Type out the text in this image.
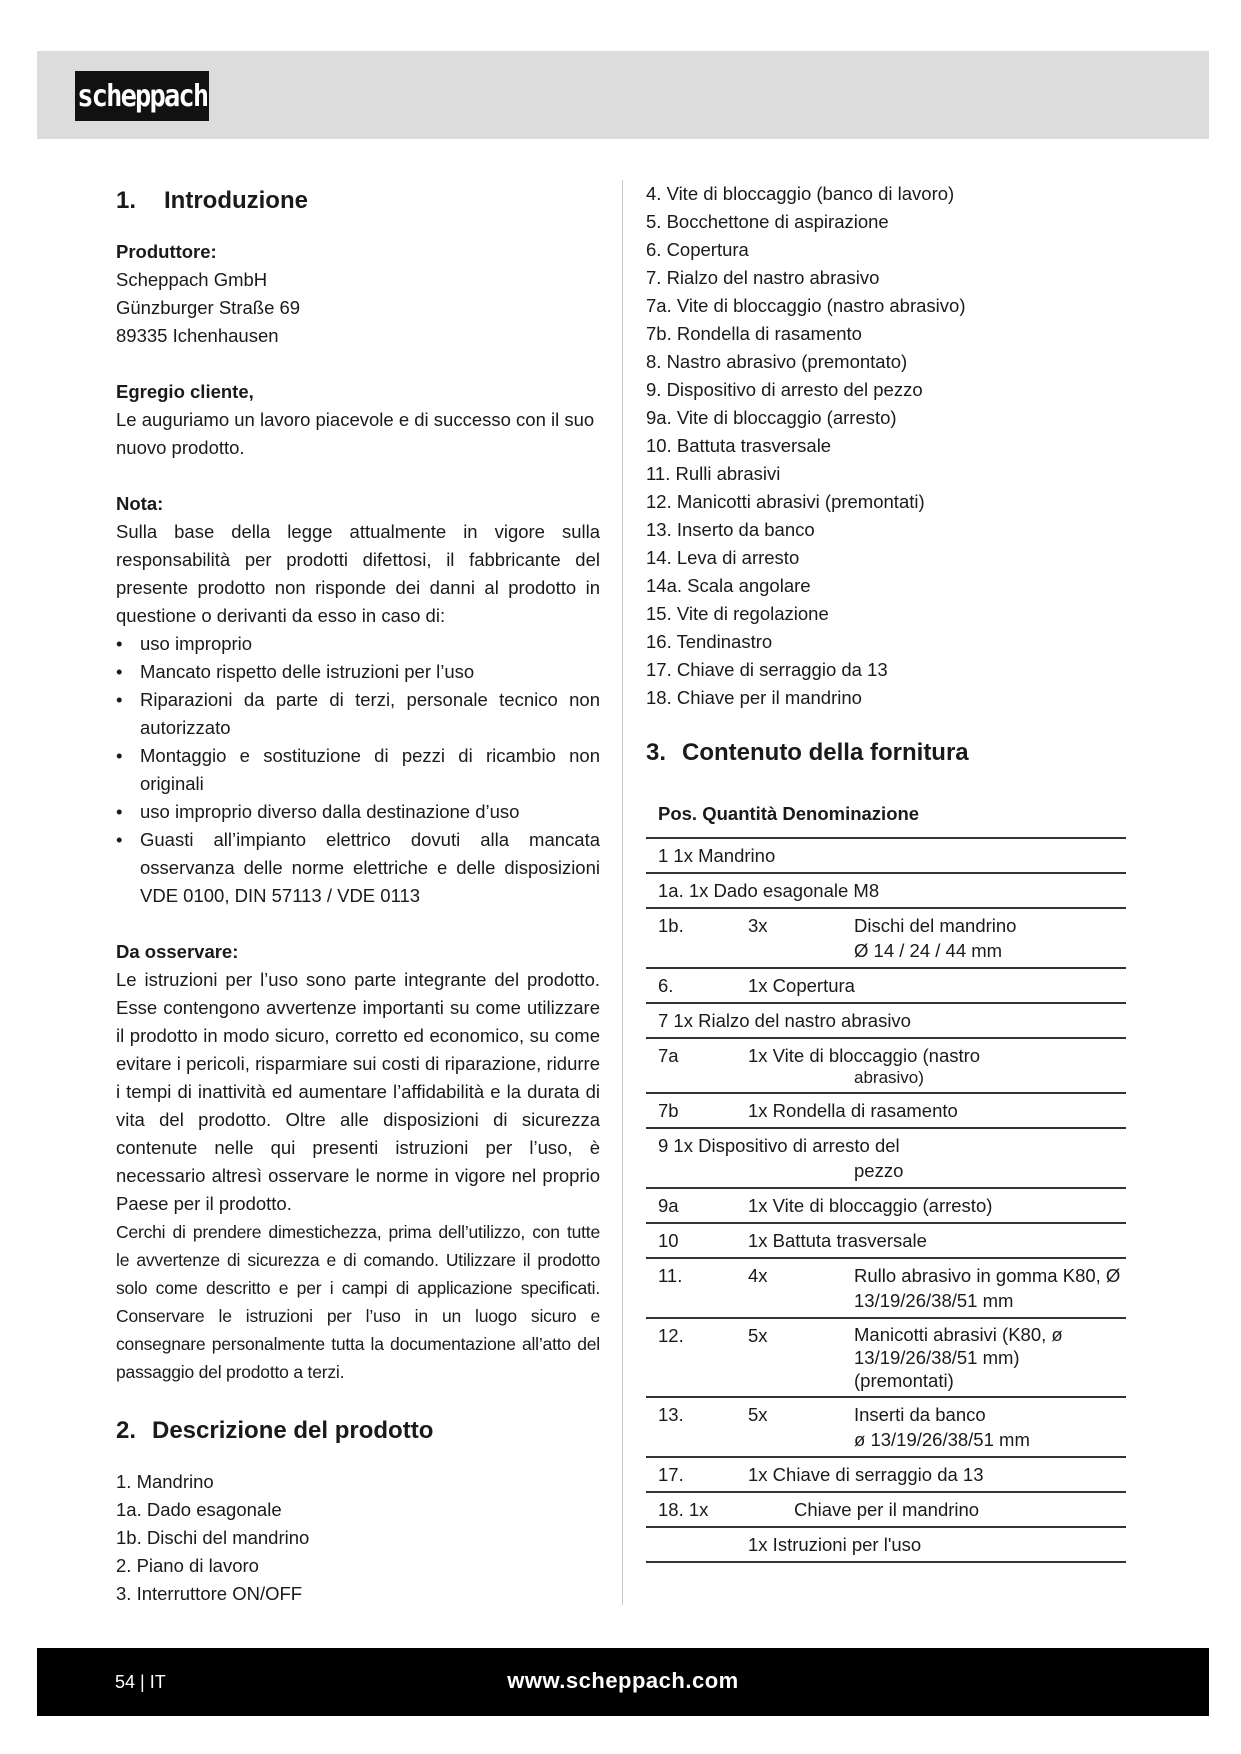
scheppach
1. Introduzione

Produttore:

Scheppach GmbH

Günzburger Straße 69

89335 Ichenhausen

Egregio cliente,

Le auguriamo un lavoro piacevole e di successo con il suo nuovo prodotto.

Nota:

Sulla base della legge attualmente in vigore sulla responsabilità per prodotti difettosi, il fabbricante del presente prodotto non risponde dei danni al prodotto in questione o derivanti da esso in caso di:

• uso improprio
• Mancato rispetto delle istruzioni per l’uso
• Riparazioni da parte di terzi, personale tecnico non autorizzato
• Montaggio e sostituzione di pezzi di ricambio non originali
• uso improprio diverso dalla destinazione d’uso
• Guasti all’impianto elettrico dovuti alla mancata osservanza delle norme elettriche e delle disposizioni VDE 0100, DIN 57113 / VDE 0113

Da osservare:

Le istruzioni per l’uso sono parte integrante del prodotto. Esse contengono avvertenze importanti su come utilizzare il prodotto in modo sicuro, corretto ed economico, su come evitare i pericoli, risparmiare sui costi di riparazione, ridurre i tempi di inattività ed aumentare l’affidabilità e la durata di vita del prodotto. Oltre alle disposizioni di sicurezza contenute nelle qui presenti istruzioni per l’uso, è necessario altresì osservare le norme in vigore nel proprio Paese per il prodotto.

Cerchi di prendere dimestichezza, prima dell’utilizzo, con tutte le avvertenze di sicurezza e di comando. Utilizzare il prodotto solo come descritto e per i campi di applicazione specificati. Conservare le istruzioni per l’uso in un luogo sicuro e consegnare personalmente tutta la documentazione all’atto del passaggio del prodotto a terzi.

2. Descrizione del prodotto
1. Mandrino
1a. Dado esagonale
1b. Dischi del mandrino
2. Piano di lavoro
3. Interruttore ON/OFF
4. Vite di bloccaggio (banco di lavoro)
5. Bocchettone di aspirazione
6. Copertura
7. Rialzo del nastro abrasivo
7a. Vite di bloccaggio (nastro abrasivo)
7b. Rondella di rasamento
8. Nastro abrasivo (premontato)
9. Dispositivo di arresto del pezzo
9a. Vite di bloccaggio (arresto)
10. Battuta trasversale
11. Rulli abrasivi
12. Manicotti abrasivi (premontati)
13. Inserto da banco
14. Leva di arresto
14a. Scala angolare
15. Vite di regolazione
16. Tendinastro
17. Chiave di serraggio da 13
18. Chiave per il mandrino
3. Contenuto della fornitura
Pos. Quantità Denominazione
1 1x Mandrino
1a. 1x Dado esagonale M8
1b.	3x	Dischi del mandrino
Ø 14 / 24 / 44 mm
6.	1x Copertura
7 1x Rialzo del nastro abrasivo
7a	1x Vite di bloccaggio (nastro
abrasivo)
7b	1x Rondella di rasamento
9 1x Dispositivo di arresto del
pezzo
9a	1x Vite di bloccaggio (arresto)
10	1x Battuta trasversale
11.	4x	Rullo abrasivo in gomma K80, Ø 13/19/26/38/51 mm
12.	5x	Manicotti abrasivi (K80, ø 13/19/26/38/51 mm) (premontati)
13.	5x	Inserti da banco
ø 13/19/26/38/51 mm
17.	1x Chiave di serraggio da 13
18. 1x	Chiave per il mandrino
1x Istruzioni per l'uso
54 | IT	www.scheppach.com
